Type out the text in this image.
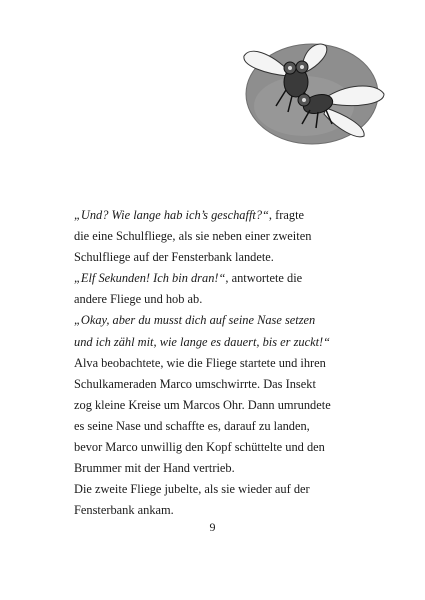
„Und? Wie lange hab ich’s geschafft?“, fragte
die eine Schulfliege, als sie neben einer zweiten
Schulfliege auf der Fensterbank landete.
„Elf Sekunden! Ich bin dran!“, antwortete die
andere Fliege und hob ab.
„Okay, aber du musst dich auf seine Nase setzen
und ich zähl mit, wie lange es dauert, bis er zuckt!“
Alva beobachtete, wie die Fliege startete und ihren
Schulkameraden Marco umschwirrte. Das Insekt
zog kleine Kreise um Marcos Ohr. Dann umrundete
es seine Nase und schaffte es, darauf zu landen,
bevor Marco unwillig den Kopf schüttelte und den
Brummer mit der Hand vertrieb.
Die zweite Fliege jubelte, als sie wieder auf der
Fensterbank ankam.
9
